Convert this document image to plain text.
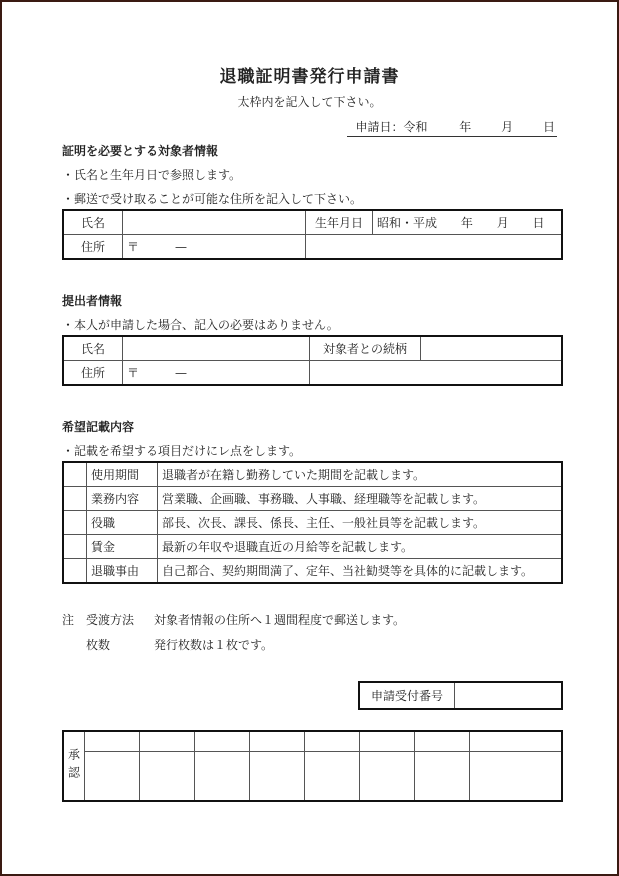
退職証明書発行申請書
太枠内を記入して下さい。
申請日：令和	年 月 日
証明を必要とする対象者情報
・氏名と生年月日で参照します。
・郵送で受け取ることが可能な住所を記入して下さい。
氏名		生年月日	昭和・平成 年 月 日
住所	〒 —		
提出者情報
・本人が申請した場合、記入の必要はありません。
氏名		対象者との続柄	
住所	〒 —		
希望記載内容
・記載を希望する項目だけにレ点をします。
	使用期間	退職者が在籍し勤務していた期間を記載します。
	業務内容	営業職、企画職、事務職、人事職、経理職等を記載します。
	役職	部長、次長、課長、係長、主任、一般社員等を記載します。
	賃金	最新の年収や退職直近の月給等を記載します。
	退職事由	自己都合、契約期間満了、定年、当社勧奨等を具体的に記載します。
注 受渡方法 対象者情報の住所へ１週間程度で郵送します。
枚数	発行枚数は１枚です。
申請受付番号	
承認								
